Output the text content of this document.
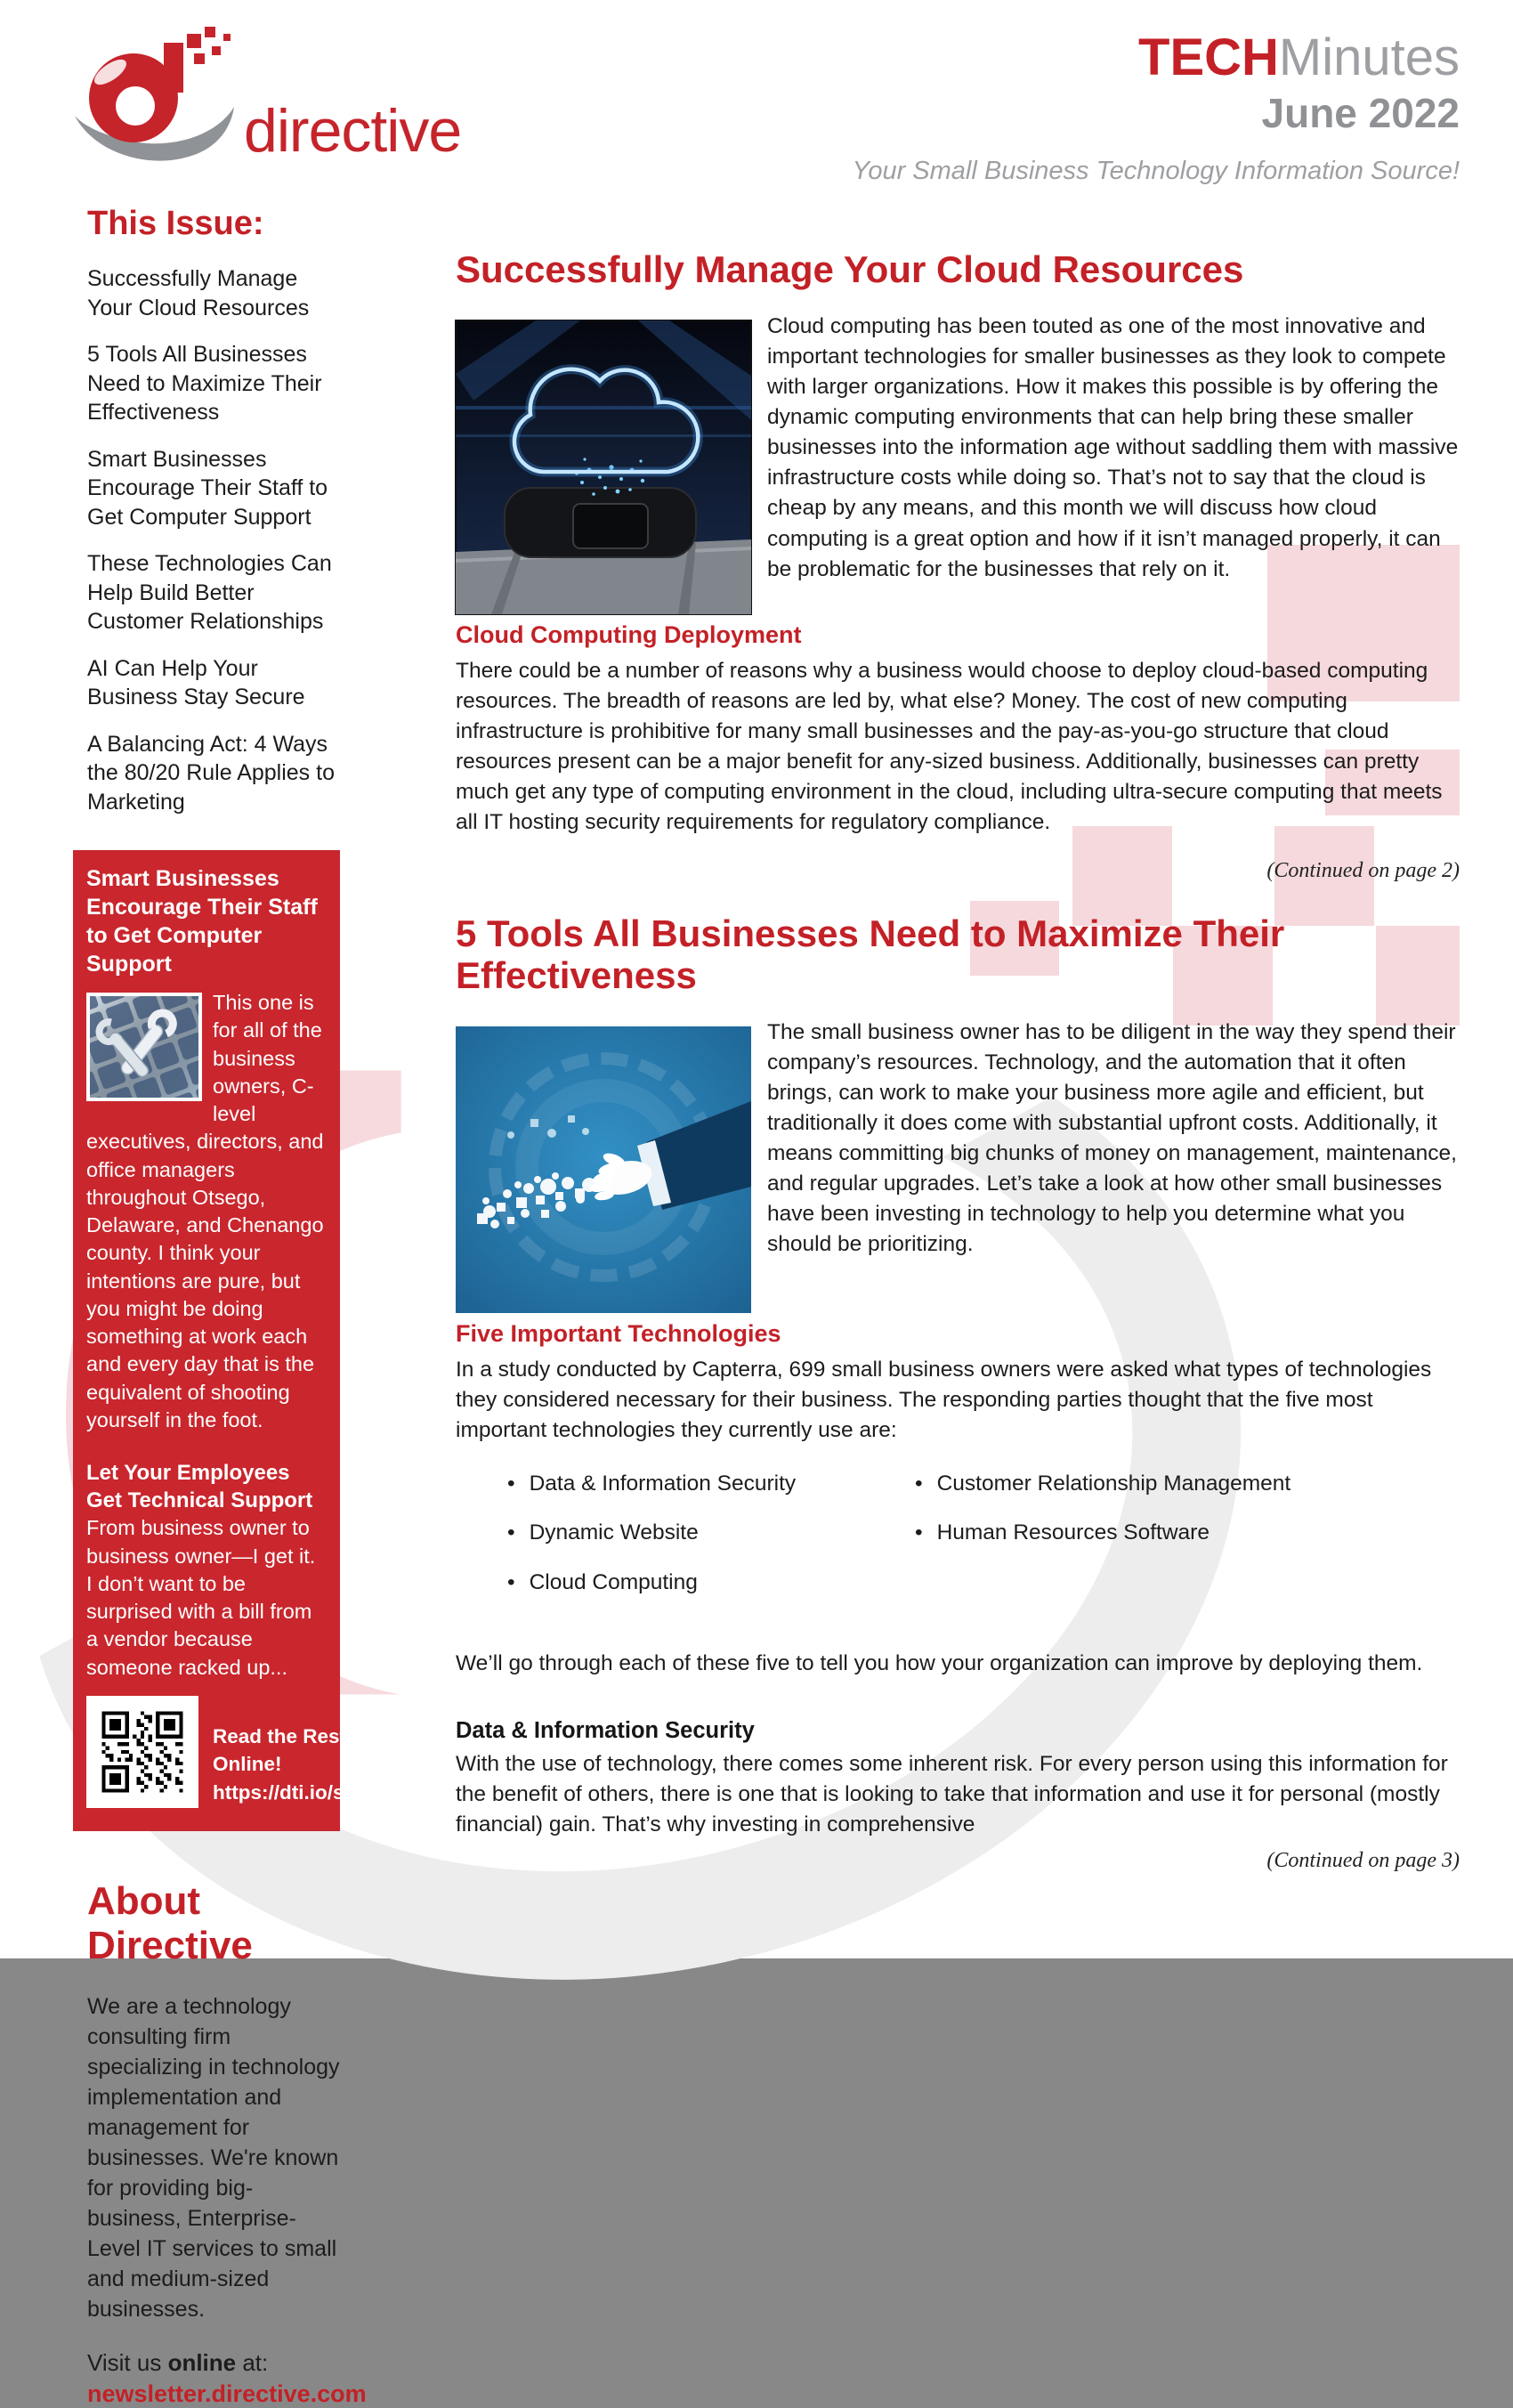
directive
TECHMinutes
June 2022
Your Small Business Technology Information Source!
This Issue:
Successfully Manage Your Cloud Resources
5 Tools All Businesses Need to Maximize Their Effectiveness
Smart Businesses Encourage Their Staff to Get Computer Support
These Technologies Can Help Build Better Customer Relationships
AI Can Help Your Business Stay Secure
A Balancing Act: 4 Ways the 80/20 Rule Applies to Marketing

Smart Businesses Encourage Their Staff to Get Computer Support

This one is for all of the business owners, C-level executives, directors, and office managers throughout Otsego, Delaware, and Chenango county. I think your intentions are pure, but you might be doing something at work each and every day that is the equivalent of shooting yourself in the foot.

Let Your Employees Get Technical Support

From business owner to business owner—I get it. I don’t want to be surprised with a bill from a vendor because someone racked up...

Read the Rest Online!
https://dti.io/smbpcs
About Directive

We are a technology consulting firm specializing in technology implementation and management for businesses. We're known for providing big-business, Enterprise-Level IT services to small and medium-sized businesses.

Visit us online at:

newsletter.directive.com
Successfully Manage Your Cloud Resources

Cloud computing has been touted as one of the most innovative and important technologies for smaller businesses as they look to compete with larger organizations. How it makes this possible is by offering the dynamic computing environments that can help bring these smaller businesses into the information age without saddling them with massive infrastructure costs while doing so. That’s not to say that the cloud is cheap by any means, and this month we will discuss how cloud computing is a great option and how if it isn’t managed properly, it can be problematic for the businesses that rely on it.

Cloud Computing Deployment

There could be a number of reasons why a business would choose to deploy cloud-based computing resources. The breadth of reasons are led by, what else? Money. The cost of new computing infrastructure is prohibitive for many small businesses and the pay-as-you-go structure that cloud resources present can be a major benefit for any-sized business. Additionally, businesses can pretty much get any type of computing environment in the cloud, including ultra-secure computing that meets all IT hosting security requirements for regulatory compliance.

(Continued on page 2)

5 Tools All Businesses Need to Maximize Their Effectiveness

The small business owner has to be diligent in the way they spend their company’s resources. Technology, and the automation that it often brings, can work to make your business more agile and efficient, but traditionally it does come with substantial upfront costs. Additionally, it means committing big chunks of money on management, maintenance, and regular upgrades. Let’s take a look at how other small businesses have been investing in technology to help you determine what you should be prioritizing.

Five Important Technologies

In a study conducted by Capterra, 699 small business owners were asked what types of technologies they considered necessary for their business. The responding parties thought that the five most important technologies they currently use are:

• Data & Information Security
• Dynamic Website
• Cloud Computing
• Customer Relationship Management
• Human Resources Software

We’ll go through each of these five to tell you how your organization can improve by deploying them.

Data & Information Security

With the use of technology, there comes some inherent risk. For every person using this information for the benefit of others, there is one that is looking to take that information and use it for personal (mostly financial) gain. That’s why investing in comprehensive

(Continued on page 3)
